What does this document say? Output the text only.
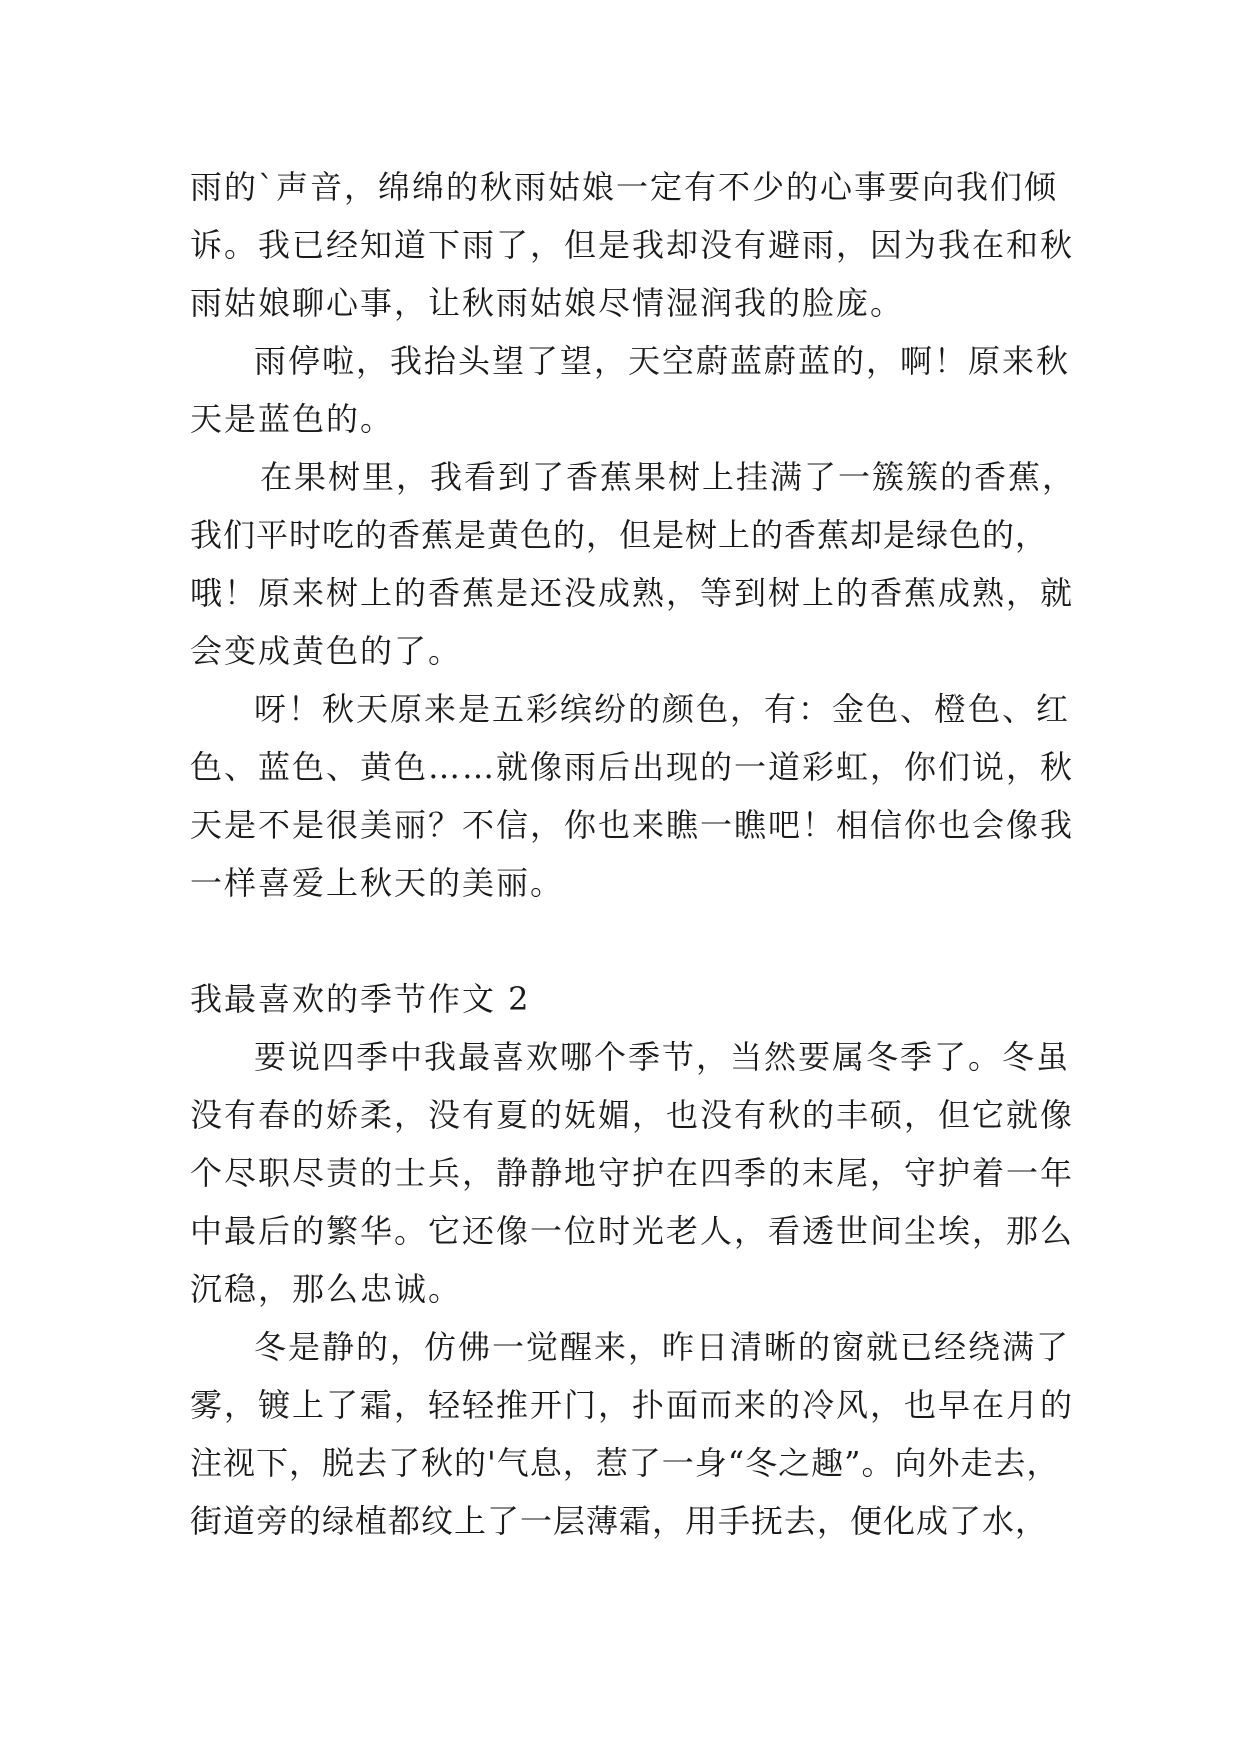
雨的`声音，绵绵的秋雨姑娘一定有不少的心事要向我们倾
诉。我已经知道下雨了，但是我却没有避雨，因为我在和秋
雨姑娘聊心事，让秋雨姑娘尽情湿润我的脸庞。
雨停啦，我抬头望了望，天空蔚蓝蔚蓝的，啊！原来秋
天是蓝色的。
在果树里，我看到了香蕉果树上挂满了一簇簇的香蕉，
我们平时吃的香蕉是黄色的，但是树上的香蕉却是绿色的，
哦！原来树上的香蕉是还没成熟，等到树上的香蕉成熟，就
会变成黄色的了。
呀！秋天原来是五彩缤纷的颜色，有：金色、橙色、红
色、蓝色、黄色……就像雨后出现的一道彩虹，你们说，秋
天是不是很美丽？不信，你也来瞧一瞧吧！相信你也会像我
一样喜爱上秋天的美丽。
我最喜欢的季节作文 2
要说四季中我最喜欢哪个季节，当然要属冬季了。冬虽
没有春的娇柔，没有夏的妩媚，也没有秋的丰硕，但它就像
个尽职尽责的士兵，静静地守护在四季的末尾，守护着一年
中最后的繁华。它还像一位时光老人，看透世间尘埃，那么
沉稳，那么忠诚。
冬是静的，仿佛一觉醒来，昨日清晰的窗就已经绕满了
雾，镀上了霜，轻轻推开门，扑面而来的冷风，也早在月的
注视下，脱去了秋的'气息，惹了一身“冬之趣”。向外走去，
街道旁的绿植都纹上了一层薄霜，用手抚去，便化成了水，
